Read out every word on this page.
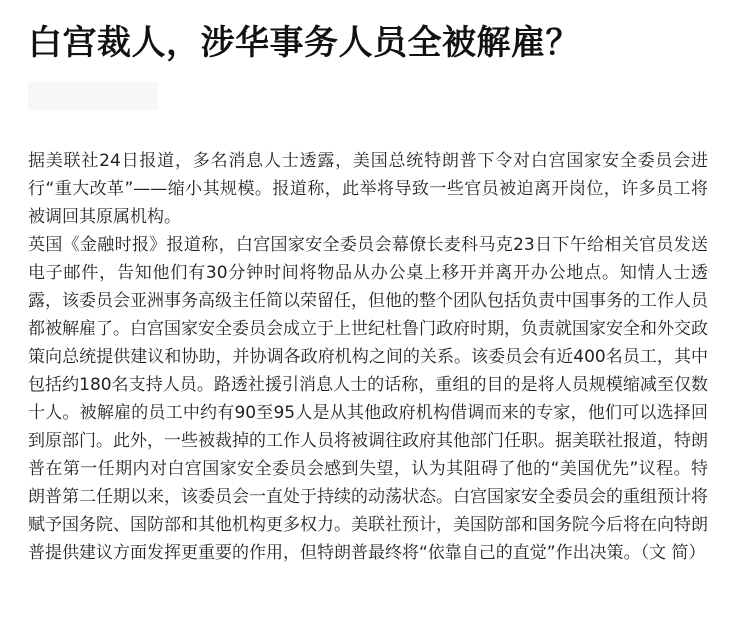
白宫裁人，涉华事务人员全被解雇？

据美联社24日报道，多名消息人士透露，美国总统特朗普下令对白宫国家安全委员会进行“重大改革”——缩小其规模。报道称，此举将导致一些官员被迫离开岗位，许多员工将被调回其原属机构。

英国《金融时报》报道称，白宫国家安全委员会幕僚长麦科马克23日下午给相关官员发送电子邮件，告知他们有30分钟时间将物品从办公桌上移开并离开办公地点。知情人士透露，该委员会亚洲事务高级主任简以荣留任，但他的整个团队包括负责中国事务的工作人员都被解雇了。白宫国家安全委员会成立于上世纪杜鲁门政府时期，负责就国家安全和外交政策向总统提供建议和协助，并协调各政府机构之间的关系。该委员会有近400名员工，其中包括约180名支持人员。路透社援引消息人士的话称，重组的目的是将人员规模缩减至仅数十人。被解雇的员工中约有90至95人是从其他政府机构借调而来的专家，他们可以选择回到原部门。此外，一些被裁掉的工作人员将被调往政府其他部门任职。据美联社报道，特朗普在第一任期内对白宫国家安全委员会感到失望，认为其阻碍了他的“美国优先”议程。特朗普第二任期以来，该委员会一直处于持续的动荡状态。白宫国家安全委员会的重组预计将赋予国务院、国防部和其他机构更多权力。美联社预计，美国防部和国务院今后将在向特朗普提供建议方面发挥更重要的作用，但特朗普最终将“依靠自己的直觉”作出决策。（文 简）
